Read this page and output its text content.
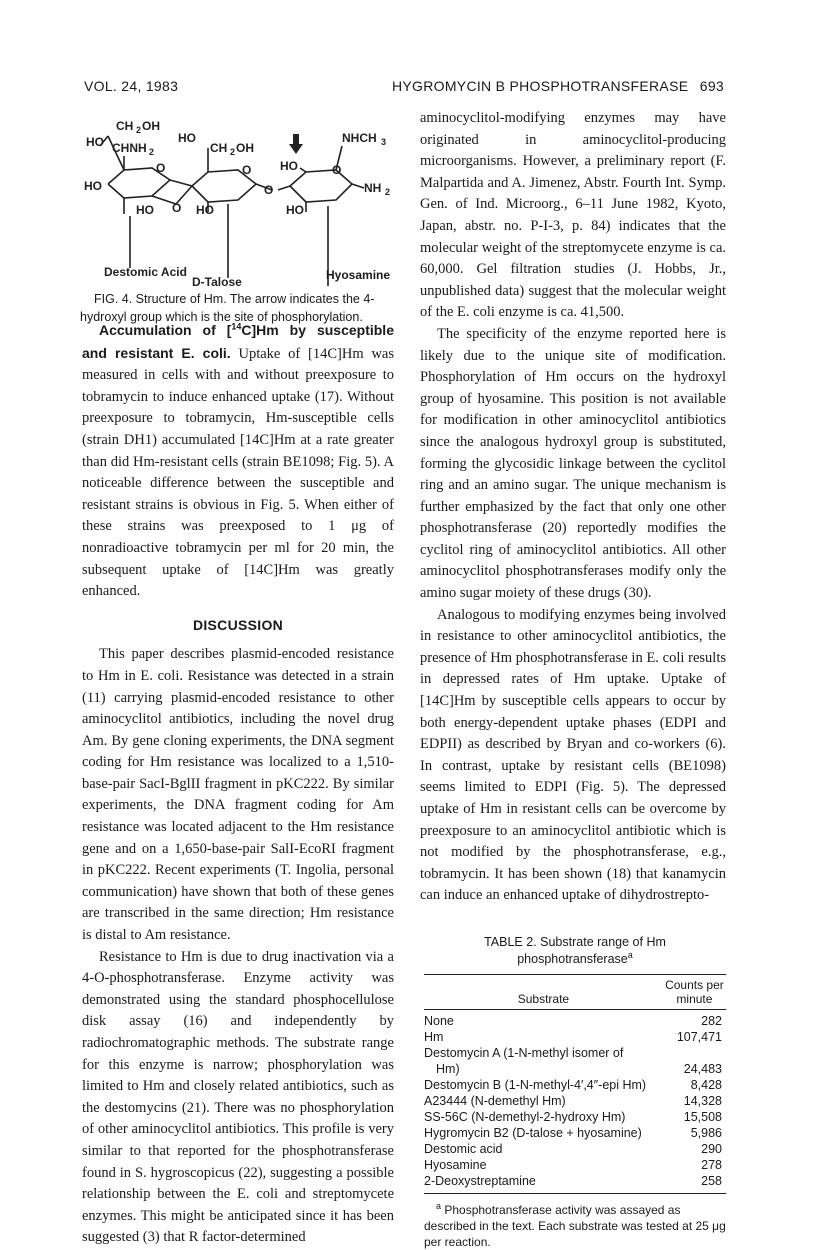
VOL. 24, 1983	HYGROMYCIN B PHOSPHOTRANSFERASE 693
CH 2 OH
HO CHNH 2
HO
CH 2 OH
HO
NHCH 3
HO
O
O
O
O
O
NH 2
HO	HO	HO
Destomic Acid
D-Talose	Hyosamine

FIG. 4. Structure of Hm. The arrow indicates the 4-hydroxyl group which is the site of phosphorylation.

Accumulation of [$^{14}$C]Hm by susceptible and resistant E. coli. Uptake of [14C]Hm was measured in cells with and without preexposure to tobramycin to induce enhanced uptake (17). Without preexposure to tobramycin, Hm-susceptible cells (strain DH1) accumulated [14C]Hm at a rate greater than did Hm-resistant cells (strain BE1098; Fig. 5). A noticeable difference between the susceptible and resistant strains is obvious in Fig. 5. When either of these strains was preexposed to 1 μg of nonradioactive tobramycin per ml for 20 min, the subsequent uptake of [14C]Hm was greatly enhanced.

DISCUSSION

This paper describes plasmid-encoded resistance to Hm in E. coli. Resistance was detected in a strain (11) carrying plasmid-encoded resistance to other aminocyclitol antibiotics, including the novel drug Am. By gene cloning experiments, the DNA segment coding for Hm resistance was localized to a 1,510-base-pair SacI-BglII fragment in pKC222. By similar experiments, the DNA fragment coding for Am resistance was located adjacent to the Hm resistance gene and on a 1,650-base-pair SalI-EcoRI fragment in pKC222. Recent experiments (T. Ingolia, personal communication) have shown that both of these genes are transcribed in the same direction; Hm resistance is distal to Am resistance.

Resistance to Hm is due to drug inactivation via a 4-O-phosphotransferase. Enzyme activity was demonstrated using the standard phosphocellulose disk assay (16) and independently by radiochromatographic methods. The substrate range for this enzyme is narrow; phosphorylation was limited to Hm and closely related antibiotics, such as the destomycins (21). There was no phosphorylation of other aminocyclitol antibiotics. This profile is very similar to that reported for the phosphotransferase found in S. hygroscopicus (22), suggesting a possible relationship between the E. coli and streptomycete enzymes. This might be anticipated since it has been suggested (3) that R factor-determined

aminocyclitol-modifying enzymes may have originated in aminocyclitol-producing microorganisms. However, a preliminary report (F. Malpartida and A. Jimenez, Abstr. Fourth Int. Symp. Gen. of Ind. Microorg., 6–11 June 1982, Kyoto, Japan, abstr. no. P-I-3, p. 84) indicates that the molecular weight of the streptomycete enzyme is ca. 60,000. Gel filtration studies (J. Hobbs, Jr., unpublished data) suggest that the molecular weight of the E. coli enzyme is ca. 41,500.

The specificity of the enzyme reported here is likely due to the unique site of modification. Phosphorylation of Hm occurs on the hydroxyl group of hyosamine. This position is not available for modification in other aminocyclitol antibiotics since the analogous hydroxyl group is substituted, forming the glycosidic linkage between the cyclitol ring and an amino sugar. The unique mechanism is further emphasized by the fact that only one other phosphotransferase (20) reportedly modifies the cyclitol ring of aminocyclitol antibiotics. All other aminocyclitol phosphotransferases modify only the amino sugar moiety of these drugs (30).

Analogous to modifying enzymes being involved in resistance to other aminocyclitol antibiotics, the presence of Hm phosphotransferase in E. coli results in depressed rates of Hm uptake. Uptake of [14C]Hm by susceptible cells appears to occur by both energy-dependent uptake phases (EDPI and EDPII) as described by Bryan and co-workers (6). In contrast, uptake by resistant cells (BE1098) seems limited to EDPI (Fig. 5). The depressed uptake of Hm in resistant cells can be overcome by preexposure to an aminocyclitol antibiotic which is not modified by the phosphotransferase, e.g., tobramycin. It has been shown (18) that kanamycin can induce an enhanced uptake of dihydrostrepto-

TABLE 2. Substrate range of Hm
phosphotransferase$^a$
Substrate	Counts per
minute

None	282
Hm	107,471
Destomycin A (1-N-methyl isomer of	
Hm)	24,483
Destomycin B (1-N-methyl-4′,4″-epi Hm)	8,428
A23444 (N-demethyl Hm)	14,328
SS-56C (N-demethyl-2-hydroxy Hm)	15,508
Hygromycin B2 (D-talose + hyosamine)	5,986
Destomic acid	290
Hyosamine	278
2-Deoxystreptamine	258
$^a$ Phosphotransferase activity was assayed as described in the text. Each substrate was tested at 25 μg per reaction.
